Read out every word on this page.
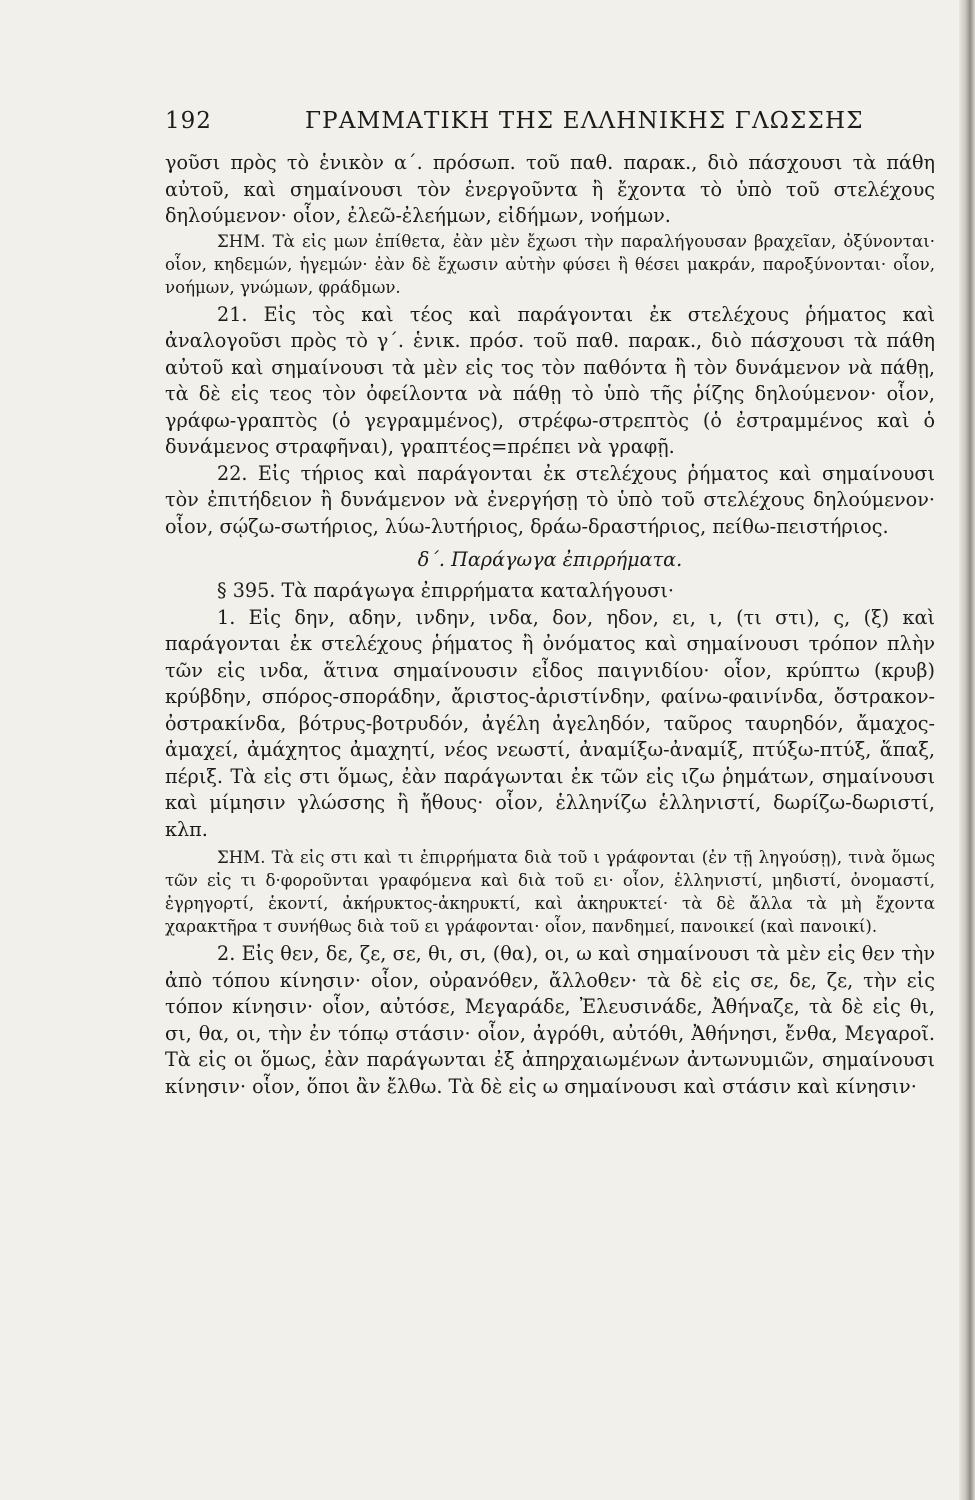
192	ΓΡΑΜΜΑΤΙΚΗ ΤΗΣ ΕΛΛΗΝΙΚΗΣ ΓΛΩΣΣΗΣ

γοῦσι πρὸς τὸ ἑνικὸν α΄. πρόσωπ. τοῦ παθ. παρακ., διὸ πάσχουσι τὰ πάθη αὐτοῦ, καὶ σημαίνουσι τὸν ἐνεργοῦντα ἢ ἔχοντα τὸ ὑπὸ τοῦ στελέχους δηλούμενον· οἷον, ἐλεῶ-ἐλεήμων, εἰδήμων, νοήμων.

ΣΗΜ. Τὰ εἰς μων ἐπίθετα, ἐὰν μὲν ἔχωσι τὴν παραλήγουσαν βραχεῖαν, ὀξύνονται· οἷον, κηδεμών, ἡγεμών· ἐὰν δὲ ἔχωσιν αὐτὴν φύσει ἢ θέσει μακράν, παροξύνονται· οἷον, νοήμων, γνώμων, φράδμων.

21. Εἰς τὸς καὶ τέος καὶ παράγονται ἐκ στελέχους ῥήματος καὶ ἀναλογοῦσι πρὸς τὸ γ΄. ἑνικ. πρόσ. τοῦ παθ. παρακ., διὸ πάσχουσι τὰ πάθη αὐτοῦ καὶ σημαίνουσι τὰ μὲν εἰς τος τὸν παθόντα ἢ τὸν δυνάμενον νὰ πάθῃ, τὰ δὲ εἰς τεος τὸν ὀφείλοντα νὰ πάθῃ τὸ ὑπὸ τῆς ῥίζης δηλούμενον· οἷον, γράφω-γραπτὸς (ὁ γεγραμμένος), στρέφω-στρεπτὸς (ὁ ἐστραμμένος καὶ ὁ δυνάμενος στραφῆναι), γραπτέος=πρέπει νὰ γραφῇ.

22. Εἰς τήριος καὶ παράγονται ἐκ στελέχους ῥήματος καὶ σημαίνουσι τὸν ἐπιτήδειον ἢ δυνάμενον νὰ ἐνεργήσῃ τὸ ὑπὸ τοῦ στελέχους δηλούμενον· οἷον, σῴζω-σωτήριος, λύω-λυτήριος, δράω-δραστήριος, πείθω-πειστήριος.

δ΄. Παράγωγα ἐπιρρήματα.

§ 395. Τὰ παράγωγα ἐπιρρήματα καταλήγουσι·

1. Εἰς δην, αδην, ινδην, ινδα, δον, ηδον, ει, ι, (τι στι), ς, (ξ) καὶ παράγονται ἐκ στελέχους ῥήματος ἢ ὀνόματος καὶ σημαίνουσι τρόπον πλὴν τῶν εἰς ινδα, ἅτινα σημαίνουσιν εἶδος παιγνιδίου· οἷον, κρύπτω (κρυβ) κρύβδην, σπόρος-σποράδην, ἄριστος-ἀριστίνδην, φαίνω-φαινίνδα, ὄστρακον-ὀστρακίνδα, βότρυς-βοτρυδόν, ἀγέλη ἀγεληδόν, ταῦρος ταυρηδόν, ἄμαχος-ἀμαχεί, ἀμάχητος ἀμαχητί, νέος νεωστί, ἀναμίξω-ἀναμίξ, πτύξω-πτύξ, ἅπαξ, πέριξ. Τὰ εἰς στι ὅμως, ἐὰν παράγωνται ἐκ τῶν εἰς ιζω ῥημάτων, σημαίνουσι καὶ μίμησιν γλώσσης ἢ ἤθους· οἷον, ἑλληνίζω ἑλληνιστί, δωρίζω-δωριστί, κλπ.

ΣΗΜ. Τὰ εἰς στι καὶ τι ἐπιρρήματα διὰ τοῦ ι γράφονται (ἐν τῇ ληγούσῃ), τινὰ ὅμως τῶν εἰς τι δ·φοροῦνται γραφόμενα καὶ διὰ τοῦ ει· οἷον, ἑλληνιστί, μηδιστί, ὀνομαστί, ἐγρηγορτί, ἑκοντί, ἀκήρυκτος-ἀκηρυκτί, καὶ ἀκηρυκτεί· τὰ δὲ ἄλλα τὰ μὴ ἔχοντα χαρακτῆρα τ συνήθως διὰ τοῦ ει γράφονται· οἷον, πανδημεί, πανοικεί (καὶ πανοικί).

2. Εἰς θεν, δε, ζε, σε, θι, σι, (θα), οι, ω καὶ σημαίνουσι τὰ μὲν εἰς θεν τὴν ἀπὸ τόπου κίνησιν· οἷον, οὐρανόθεν, ἄλλοθεν· τὰ δὲ εἰς σε, δε, ζε, τὴν εἰς τόπον κίνησιν· οἷον, αὐτόσε, Μεγαράδε, Ἐλευσινάδε, Ἀθήναζε, τὰ δὲ εἰς θι, σι, θα, οι, τὴν ἐν τόπῳ στάσιν· οἷον, ἀγρόθι, αὐτόθι, Ἀθήνησι, ἔνθα, Μεγαροῖ. Τὰ εἰς οι ὅμως, ἐὰν παράγωνται ἐξ ἀπηρχαιωμένων ἀντωνυμιῶν, σημαίνουσι κίνησιν· οἷον, ὅποι ἂν ἔλθω. Τὰ δὲ εἰς ω σημαίνουσι καὶ στάσιν καὶ κίνησιν·
